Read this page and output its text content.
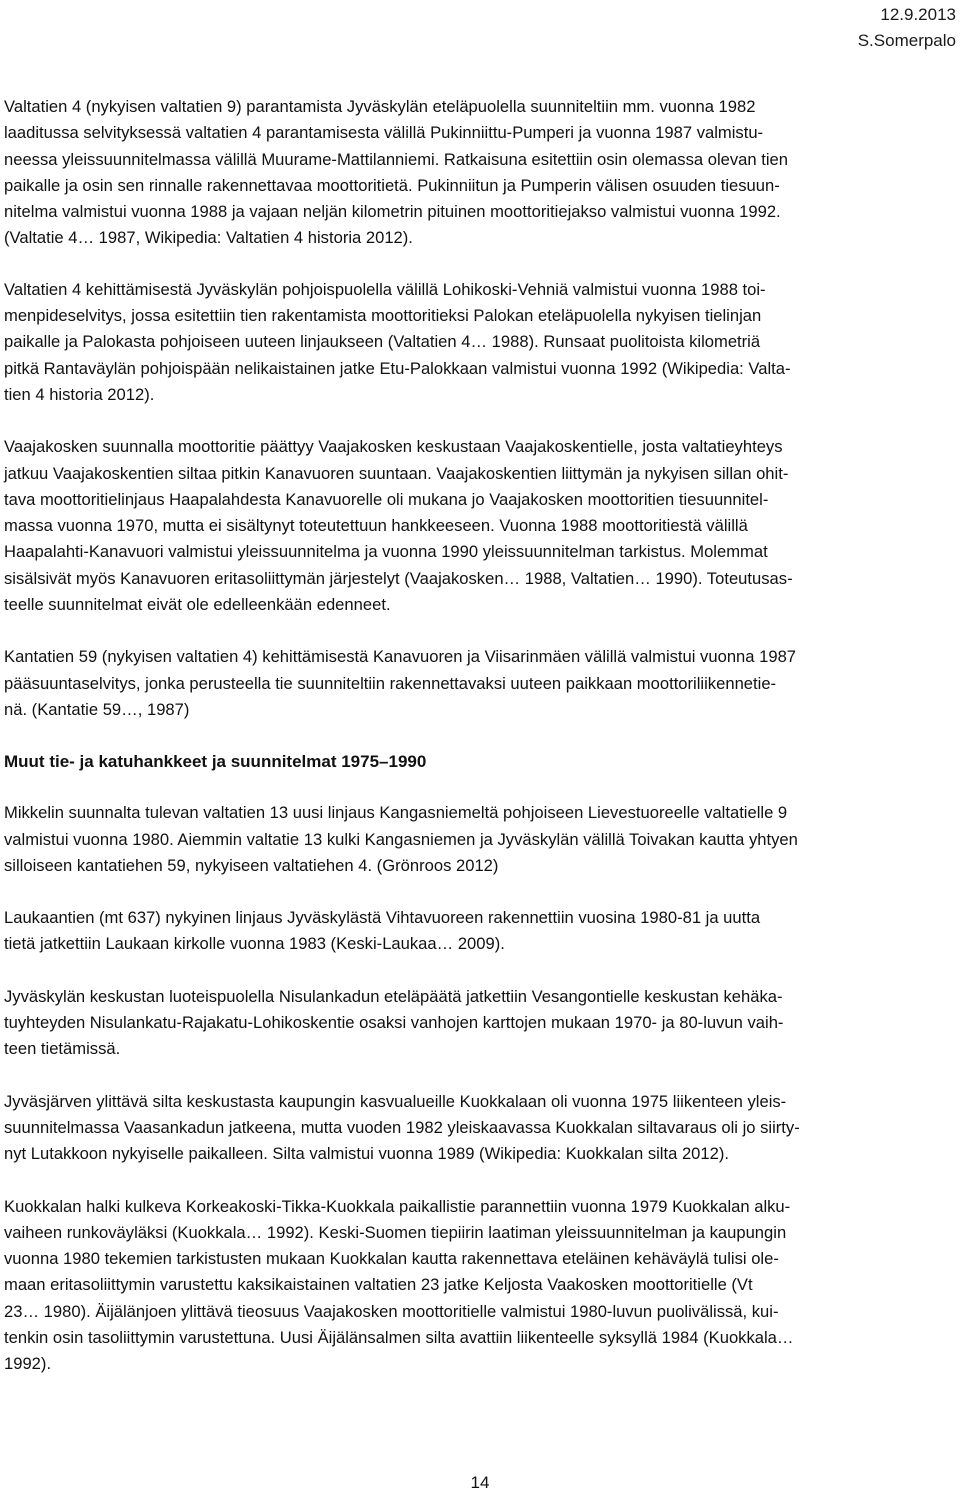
12.9.2013
S.Somerpalo

Valtatien 4 (nykyisen valtatien 9) parantamista Jyväskylän eteläpuolella suunniteltiin mm. vuonna 1982
laaditussa selvityksessä valtatien 4 parantamisesta välillä Pukinniittu-Pumperi ja vuonna 1987 valmistu-
neessa yleissuunnitelmassa välillä Muurame-Mattilanniemi. Ratkaisuna esitettiin osin olemassa olevan tien
paikalle ja osin sen rinnalle rakennettavaa moottoritietä. Pukinniitun ja Pumperin välisen osuuden tiesuun-
nitelma valmistui vuonna 1988 ja vajaan neljän kilometrin pituinen moottoritiejakso valmistui vuonna 1992.
(Valtatie 4… 1987, Wikipedia: Valtatien 4 historia 2012).

Valtatien 4 kehittämisestä Jyväskylän pohjoispuolella välillä Lohikoski-Vehniä valmistui vuonna 1988 toi-
menpideselvitys, jossa esitettiin tien rakentamista moottoritieksi Palokan eteläpuolella nykyisen tielinjan
paikalle ja Palokasta pohjoiseen uuteen linjaukseen (Valtatien 4… 1988). Runsaat puolitoista kilometriä
pitkä Rantaväylän pohjoispään nelikaistainen jatke Etu-Palokkaan valmistui vuonna 1992 (Wikipedia: Valta-
tien 4 historia 2012).

Vaajakosken suunnalla moottoritie päättyy Vaajakosken keskustaan Vaajakoskentielle, josta valtatieyhteys
jatkuu Vaajakoskentien siltaa pitkin Kanavuoren suuntaan. Vaajakoskentien liittymän ja nykyisen sillan ohit-
tava moottoritielinjaus Haapalahdesta Kanavuorelle oli mukana jo Vaajakosken moottoritien tiesuunnitel-
massa vuonna 1970, mutta ei sisältynyt toteutettuun hankkeeseen. Vuonna 1988 moottoritiestä välillä
Haapalahti-Kanavuori valmistui yleissuunnitelma ja vuonna 1990 yleissuunnitelman tarkistus. Molemmat
sisälsivät myös Kanavuoren eritasoliittymän järjestelyt (Vaajakosken… 1988, Valtatien… 1990). Toteutusas-
teelle suunnitelmat eivät ole edelleenkään edenneet.

Kantatien 59 (nykyisen valtatien 4) kehittämisestä Kanavuoren ja Viisarinmäen välillä valmistui vuonna 1987
pääsuuntaselvitys, jonka perusteella tie suunniteltiin rakennettavaksi uuteen paikkaan moottoriliikennetie-
nä. (Kantatie 59…, 1987)

Muut tie- ja katuhankkeet ja suunnitelmat 1975–1990

Mikkelin suunnalta tulevan valtatien 13 uusi linjaus Kangasniemeltä pohjoiseen Lievestuoreelle valtatielle 9
valmistui vuonna 1980. Aiemmin valtatie 13 kulki Kangasniemen ja Jyväskylän välillä Toivakan kautta yhtyen
silloiseen kantatiehen 59, nykyiseen valtatiehen 4. (Grönroos 2012)

Laukaantien (mt 637) nykyinen linjaus Jyväskylästä Vihtavuoreen rakennettiin vuosina 1980-81 ja uutta
tietä jatkettiin Laukaan kirkolle vuonna 1983 (Keski-Laukaa… 2009).

Jyväskylän keskustan luoteispuolella Nisulankadun eteläpäätä jatkettiin Vesangontielle keskustan kehäka-
tuyhteyden Nisulankatu-Rajakatu-Lohikoskentie osaksi vanhojen karttojen mukaan 1970- ja 80-luvun vaih-
teen tietämissä.

Jyväsjärven ylittävä silta keskustasta kaupungin kasvualueille Kuokkalaan oli vuonna 1975 liikenteen yleis-
suunnitelmassa Vaasankadun jatkeena, mutta vuoden 1982 yleiskaavassa Kuokkalan siltavaraus oli jo siirty-
nyt Lutakkoon nykyiselle paikalleen. Silta valmistui vuonna 1989 (Wikipedia: Kuokkalan silta 2012).

Kuokkalan halki kulkeva Korkeakoski-Tikka-Kuokkala paikallistie parannettiin vuonna 1979 Kuokkalan alku-
vaiheen runkoväyläksi (Kuokkala… 1992). Keski-Suomen tiepiirin laatiman yleissuunnitelman ja kaupungin
vuonna 1980 tekemien tarkistusten mukaan Kuokkalan kautta rakennettava eteläinen kehäväylä tulisi ole-
maan eritasoliittymin varustettu kaksikaistainen valtatien 23 jatke Keljosta Vaakosken moottoritielle (Vt
23… 1980). Äijälänjoen ylittävä tieosuus Vaajakosken moottoritielle valmistui 1980-luvun puolivälissä, kui-
tenkin osin tasoliittymin varustettuna. Uusi Äijälänsalmen silta avattiin liikenteelle syksyllä 1984 (Kuokkala…
1992).

14
